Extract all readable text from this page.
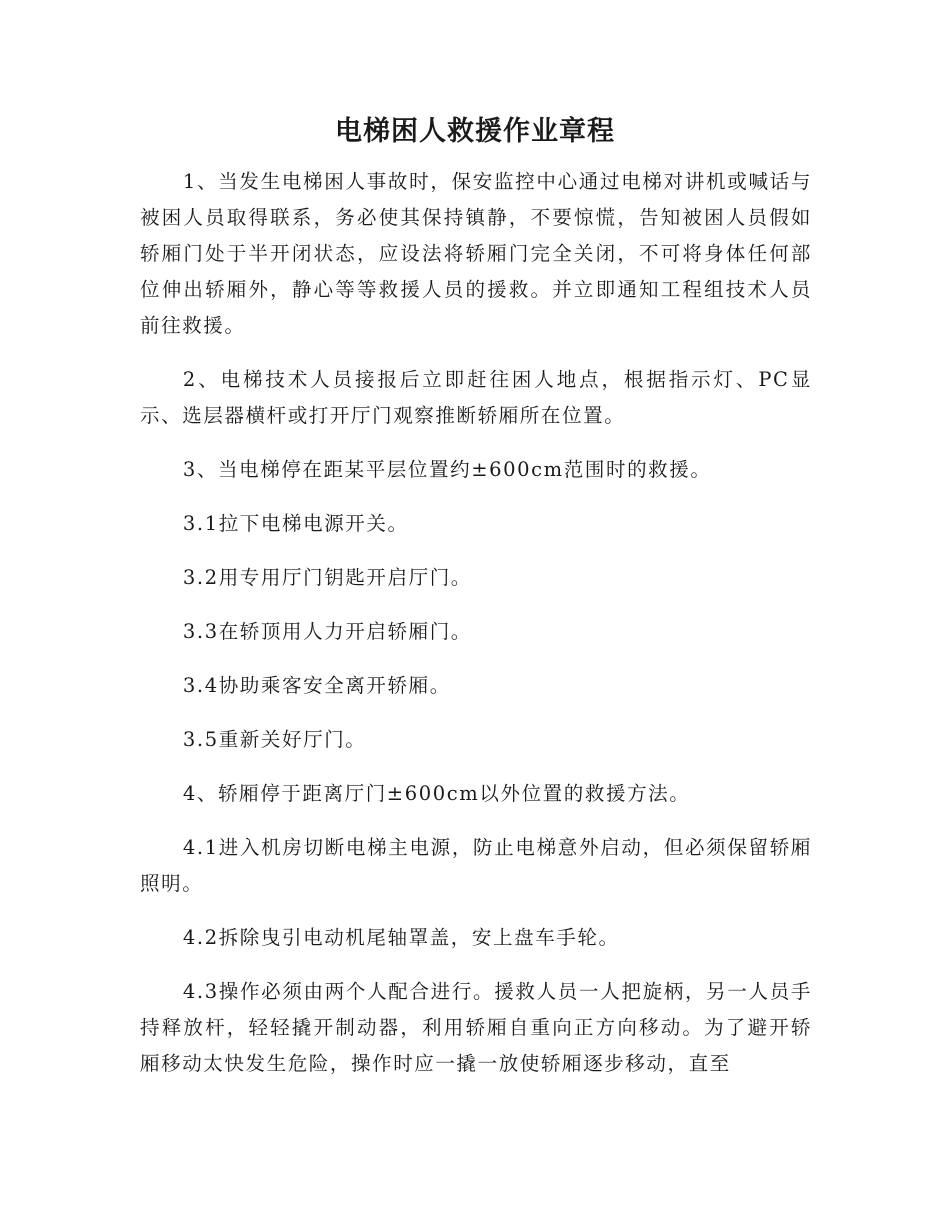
电梯困人救援作业章程

1、当发生电梯困人事故时，保安监控中心通过电梯对讲机或喊话与被困人员取得联系，务必使其保持镇静，不要惊慌，告知被困人员假如轿厢门处于半开闭状态，应设法将轿厢门完全关闭，不可将身体任何部位伸出轿厢外，静心等等救援人员的援救。并立即通知工程组技术人员前往救援。

2、电梯技术人员接报后立即赶往困人地点，根据指示灯、PC显示、选层器横杆或打开厅门观察推断轿厢所在位置。

3、当电梯停在距某平层位置约±600cm范围时的救援。

3.1拉下电梯电源开关。

3.2用专用厅门钥匙开启厅门。

3.3在轿顶用人力开启轿厢门。

3.4协助乘客安全离开轿厢。

3.5重新关好厅门。

4、轿厢停于距离厅门±600cm以外位置的救援方法。

4.1进入机房切断电梯主电源，防止电梯意外启动，但必须保留轿厢照明。

4.2拆除曳引电动机尾轴罩盖，安上盘车手轮。

4.3操作必须由两个人配合进行。援救人员一人把旋柄，另一人员手持释放杆，轻轻撬开制动器，利用轿厢自重向正方向移动。为了避开轿厢移动太快发生危险，操作时应一撬一放使轿厢逐步移动，直至
